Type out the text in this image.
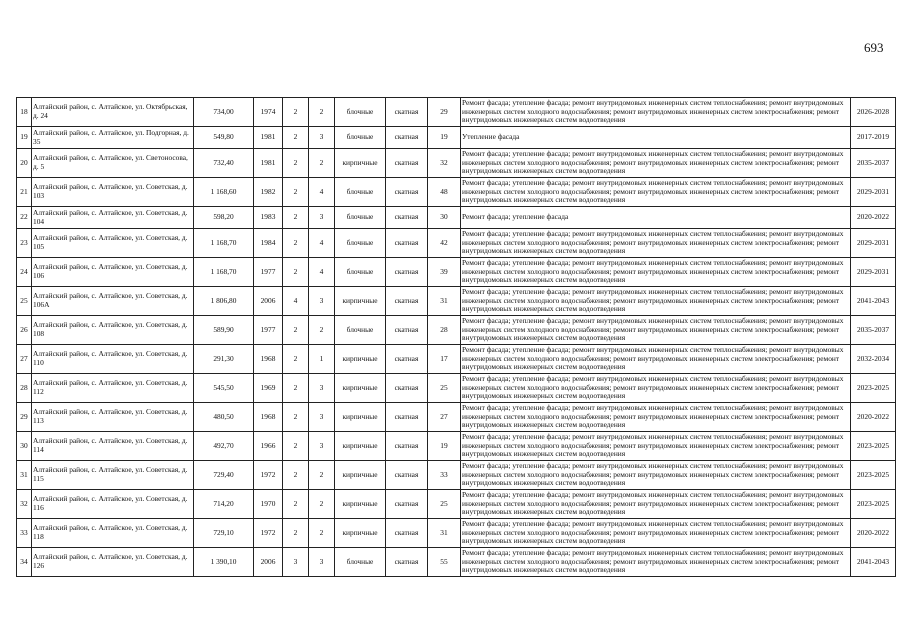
693
18	Алтайский район, с. Алтайское, ул. Октябрьская, д. 24	734,00	1974	2	2	блочные	скатная	29	Ремонт фасада; утепление фасада; ремонт внутридомовых инженерных систем теплоснабжения; ремонт внутридомовых инженерных систем холодного водоснабжения; ремонт внутридомовых инженерных систем электроснабжения; ремонт внутридомовых инженерных систем водоотведения	2026-2028
19	Алтайский район, с. Алтайское, ул. Подгорная, д. 35	549,80	1981	2	3	блочные	скатная	19	Утепление фасада	2017-2019
20	Алтайский район, с. Алтайское, ул. Светоносова, д. 5	732,40	1981	2	2	кирпичные	скатная	32	Ремонт фасада; утепление фасада; ремонт внутридомовых инженерных систем теплоснабжения; ремонт внутридомовых инженерных систем холодного водоснабжения; ремонт внутридомовых инженерных систем электроснабжения; ремонт внутридомовых инженерных систем водоотведения	2035-2037
21	Алтайский район, с. Алтайское, ул. Советская, д. 103	1 168,60	1982	2	4	блочные	скатная	48	Ремонт фасада; утепление фасада; ремонт внутридомовых инженерных систем теплоснабжения; ремонт внутридомовых инженерных систем холодного водоснабжения; ремонт внутридомовых инженерных систем электроснабжения; ремонт внутридомовых инженерных систем водоотведения	2029-2031
22	Алтайский район, с. Алтайское, ул. Советская, д. 104	598,20	1983	2	3	блочные	скатная	30	Ремонт фасада; утепление фасада	2020-2022
23	Алтайский район, с. Алтайское, ул. Советская, д. 105	1 168,70	1984	2	4	блочные	скатная	42	Ремонт фасада; утепление фасада; ремонт внутридомовых инженерных систем теплоснабжения; ремонт внутридомовых инженерных систем холодного водоснабжения; ремонт внутридомовых инженерных систем электроснабжения; ремонт внутридомовых инженерных систем водоотведения	2029-2031
24	Алтайский район, с. Алтайское, ул. Советская, д. 106	1 168,70	1977	2	4	блочные	скатная	39	Ремонт фасада; утепление фасада; ремонт внутридомовых инженерных систем теплоснабжения; ремонт внутридомовых инженерных систем холодного водоснабжения; ремонт внутридомовых инженерных систем электроснабжения; ремонт внутридомовых инженерных систем водоотведения	2029-2031
25	Алтайский район, с. Алтайское, ул. Советская, д. 106А	1 806,80	2006	4	3	кирпичные	скатная	31	Ремонт фасада; утепление фасада; ремонт внутридомовых инженерных систем теплоснабжения; ремонт внутридомовых инженерных систем холодного водоснабжения; ремонт внутридомовых инженерных систем электроснабжения; ремонт внутридомовых инженерных систем водоотведения	2041-2043
26	Алтайский район, с. Алтайское, ул. Советская, д. 108	589,90	1977	2	2	блочные	скатная	28	Ремонт фасада; утепление фасада; ремонт внутридомовых инженерных систем теплоснабжения; ремонт внутридомовых инженерных систем холодного водоснабжения; ремонт внутридомовых инженерных систем электроснабжения; ремонт внутридомовых инженерных систем водоотведения	2035-2037
27	Алтайский район, с. Алтайское, ул. Советская, д. 110	291,30	1968	2	1	кирпичные	скатная	17	Ремонт фасада; утепление фасада; ремонт внутридомовых инженерных систем теплоснабжения; ремонт внутридомовых инженерных систем холодного водоснабжения; ремонт внутридомовых инженерных систем электроснабжения; ремонт внутридомовых инженерных систем водоотведения	2032-2034
28	Алтайский район, с. Алтайское, ул. Советская, д. 112	545,50	1969	2	3	кирпичные	скатная	25	Ремонт фасада; утепление фасада; ремонт внутридомовых инженерных систем теплоснабжения; ремонт внутридомовых инженерных систем холодного водоснабжения; ремонт внутридомовых инженерных систем электроснабжения; ремонт внутридомовых инженерных систем водоотведения	2023-2025
29	Алтайский район, с. Алтайское, ул. Советская, д. 113	480,50	1968	2	3	кирпичные	скатная	27	Ремонт фасада; утепление фасада; ремонт внутридомовых инженерных систем теплоснабжения; ремонт внутридомовых инженерных систем холодного водоснабжения; ремонт внутридомовых инженерных систем электроснабжения; ремонт внутридомовых инженерных систем водоотведения	2020-2022
30	Алтайский район, с. Алтайское, ул. Советская, д. 114	492,70	1966	2	3	кирпичные	скатная	19	Ремонт фасада; утепление фасада; ремонт внутридомовых инженерных систем теплоснабжения; ремонт внутридомовых инженерных систем холодного водоснабжения; ремонт внутридомовых инженерных систем электроснабжения; ремонт внутридомовых инженерных систем водоотведения	2023-2025
31	Алтайский район, с. Алтайское, ул. Советская, д. 115	729,40	1972	2	2	кирпичные	скатная	33	Ремонт фасада; утепление фасада; ремонт внутридомовых инженерных систем теплоснабжения; ремонт внутридомовых инженерных систем холодного водоснабжения; ремонт внутридомовых инженерных систем электроснабжения; ремонт внутридомовых инженерных систем водоотведения	2023-2025
32	Алтайский район, с. Алтайское, ул. Советская, д. 116	714,20	1970	2	2	кирпичные	скатная	25	Ремонт фасада; утепление фасада; ремонт внутридомовых инженерных систем теплоснабжения; ремонт внутридомовых инженерных систем холодного водоснабжения; ремонт внутридомовых инженерных систем электроснабжения; ремонт внутридомовых инженерных систем водоотведения	2023-2025
33	Алтайский район, с. Алтайское, ул. Советская, д. 118	729,10	1972	2	2	кирпичные	скатная	31	Ремонт фасада; утепление фасада; ремонт внутридомовых инженерных систем теплоснабжения; ремонт внутридомовых инженерных систем холодного водоснабжения; ремонт внутридомовых инженерных систем электроснабжения; ремонт внутридомовых инженерных систем водоотведения	2020-2022
34	Алтайский район, с. Алтайское, ул. Советская, д. 126	1 390,10	2006	3	3	блочные	скатная	55	Ремонт фасада; утепление фасада; ремонт внутридомовых инженерных систем теплоснабжения; ремонт внутридомовых инженерных систем холодного водоснабжения; ремонт внутридомовых инженерных систем электроснабжения; ремонт внутридомовых инженерных систем водоотведения	2041-2043
